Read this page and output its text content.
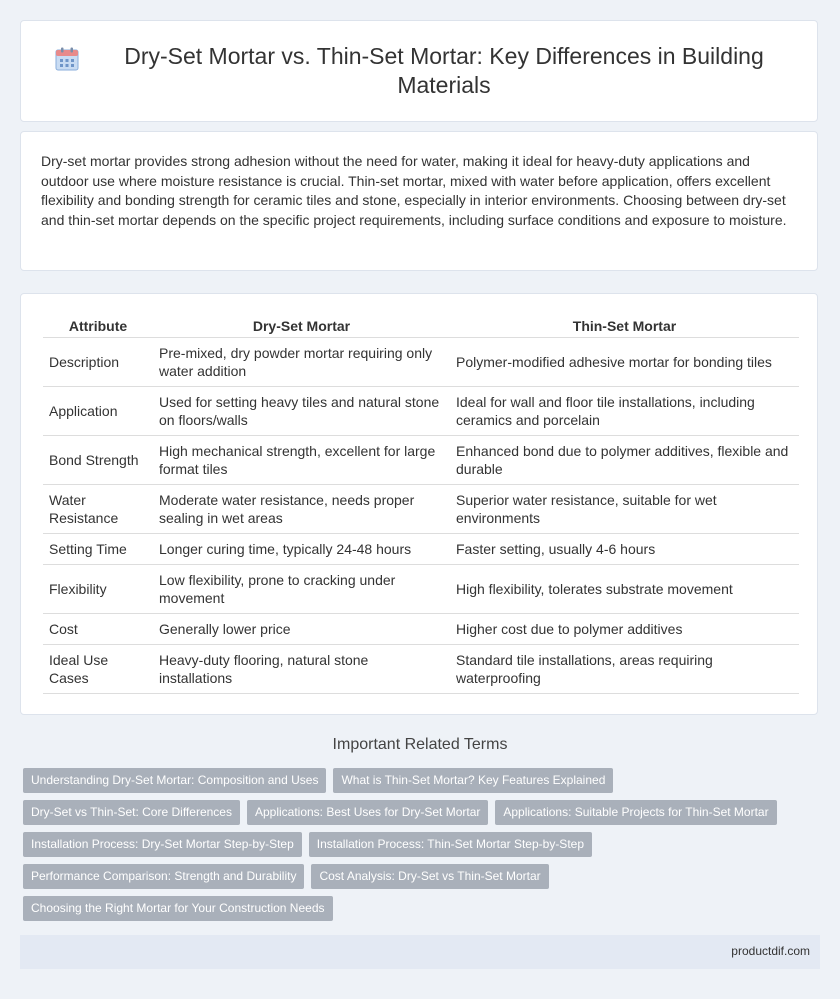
Dry-Set Mortar vs. Thin-Set Mortar: Key Differences in Building Materials

Dry-set mortar provides strong adhesion without the need for water, making it ideal for heavy-duty applications and outdoor use where moisture resistance is crucial. Thin-set mortar, mixed with water before application, offers excellent flexibility and bonding strength for ceramic tiles and stone, especially in interior environments. Choosing between dry-set and thin-set mortar depends on the specific project requirements, including surface conditions and exposure to moisture.

Attribute	Dry-Set Mortar	Thin-Set Mortar
Description	Pre-mixed, dry powder mortar requiring only water addition	Polymer-modified adhesive mortar for bonding tiles
Application	Used for setting heavy tiles and natural stone on floors/walls	Ideal for wall and floor tile installations, including ceramics and porcelain
Bond Strength	High mechanical strength, excellent for large format tiles	Enhanced bond due to polymer additives, flexible and durable
Water Resistance	Moderate water resistance, needs proper sealing in wet areas	Superior water resistance, suitable for wet environments
Setting Time	Longer curing time, typically 24-48 hours	Faster setting, usually 4-6 hours
Flexibility	Low flexibility, prone to cracking under movement	High flexibility, tolerates substrate movement
Cost	Generally lower price	Higher cost due to polymer additives
Ideal Use Cases	Heavy-duty flooring, natural stone installations	Standard tile installations, areas requiring waterproofing
Important Related Terms
Understanding Dry-Set Mortar: Composition and Uses	What is Thin-Set Mortar? Key Features Explained
Dry-Set vs Thin-Set: Core Differences	Applications: Best Uses for Dry-Set Mortar	Applications: Suitable Projects for Thin-Set Mortar
Installation Process: Dry-Set Mortar Step-by-Step	Installation Process: Thin-Set Mortar Step-by-Step
Performance Comparison: Strength and Durability	Cost Analysis: Dry-Set vs Thin-Set Mortar
Choosing the Right Mortar for Your Construction Needs
productdif.com
